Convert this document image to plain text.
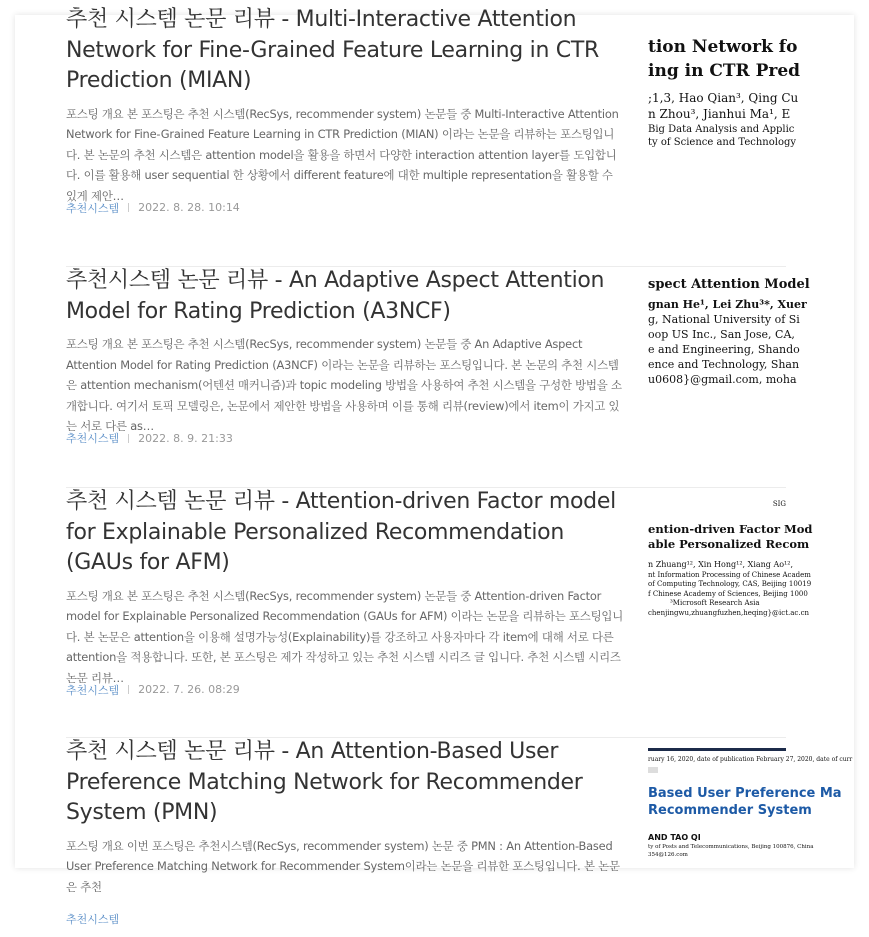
추천 시스템 논문 리뷰 - Multi-Interactive Attention Network for Fine-Grained Feature Learning in CTR Prediction (MIAN)

포스팅 개요 본 포스팅은 추천 시스템(RecSys, recommender system) 논문들 중 Multi-Interactive Attention Network for Fine-Grained Feature Learning in CTR Prediction (MIAN) 이라는 논문을 리뷰하는 포스팅입니다. 본 논문의 추천 시스템은 attention model을 활용을 하면서 다양한 interaction attention layer를 도입합니다. 이를 활용해 user sequential 한 상황에서 different feature에 대한 multiple representation을 활용할 수 있게 제안…

추천시스템 2022. 8. 28. 10:14
tion Network fo
ing in CTR Pred
;1,3, Hao Qian³, Qing Cu
n Zhou³, Jianhui Ma¹, E
Big Data Analysis and Applic
ty of Science and Technology
추천시스템 논문 리뷰 - An Adaptive Aspect Attention Model for Rating Prediction (A3NCF)

포스팅 개요 본 포스팅은 추천 시스템(RecSys, recommender system) 논문들 중 An Adaptive Aspect Attention Model for Rating Prediction (A3NCF) 이라는 논문을 리뷰하는 포스팅입니다. 본 논문의 추천 시스템은 attention mechanism(어텐션 매커니즘)과 topic modeling 방법을 사용하여 추천 시스템을 구성한 방법을 소개합니다. 여기서 토픽 모델링은, 논문에서 제안한 방법을 사용하며 이를 통해 리뷰(review)에서 item이 가지고 있는 서로 다른 as…

추천시스템 2022. 8. 9. 21:33
spect Attention Model
gnan He¹, Lei Zhu³*, Xuer
g, National University of Si
oop US Inc., San Jose, CA,
e and Engineering, Shando
ence and Technology, Shan
u0608}@gmail.com, moha
추천 시스템 논문 리뷰 - Attention-driven Factor model for Explainable Personalized Recommendation (GAUs for AFM)

포스팅 개요 본 포스팅은 추천 시스템(RecSys, recommender system) 논문들 중 Attention-driven Factor model for Explainable Personalized Recommendation (GAUs for AFM) 이라는 논문을 리뷰하는 포스팅입니다. 본 논문은 attention을 이용해 설명가능성(Explainability)를 강조하고 사용자마다 각 item에 대해 서로 다른 attention을 적용합니다. 또한, 본 포스팅은 제가 작성하고 있는 추천 시스템 시리즈 글 입니다. 추천 시스템 시리즈 논문 리뷰…

추천시스템 2022. 7. 26. 08:29
SIG
ention-driven Factor Mod
able Personalized Recom
n Zhuang¹², Xin Hong¹², Xiang Ao¹²,
nt Information Processing of Chinese Academ
of Computing Technology, CAS, Beijing 10019
f Chinese Academy of Sciences, Beijing 1000
³Microsoft Research Asia
chenjingwu,zhuangfuzhen,heqing}@ict.ac.cn
추천 시스템 논문 리뷰 - An Attention-Based User Preference Matching Network for Recommender System (PMN)

포스팅 개요 이번 포스팅은 추천시스템(RecSys, recommender system) 논문 중 PMN : An Attention-Based User Preference Matching Network for Recommender System이라는 논문을 리뷰한 포스팅입니다. 본 논문은 추천

추천시스템
ruary 16, 2020, date of publication February 27, 2020, date of curr
Based User Preference Ma
Recommender System
AND TAO QI
ty of Posts and Telecommunications, Beijing 100876, China
354@126.com
